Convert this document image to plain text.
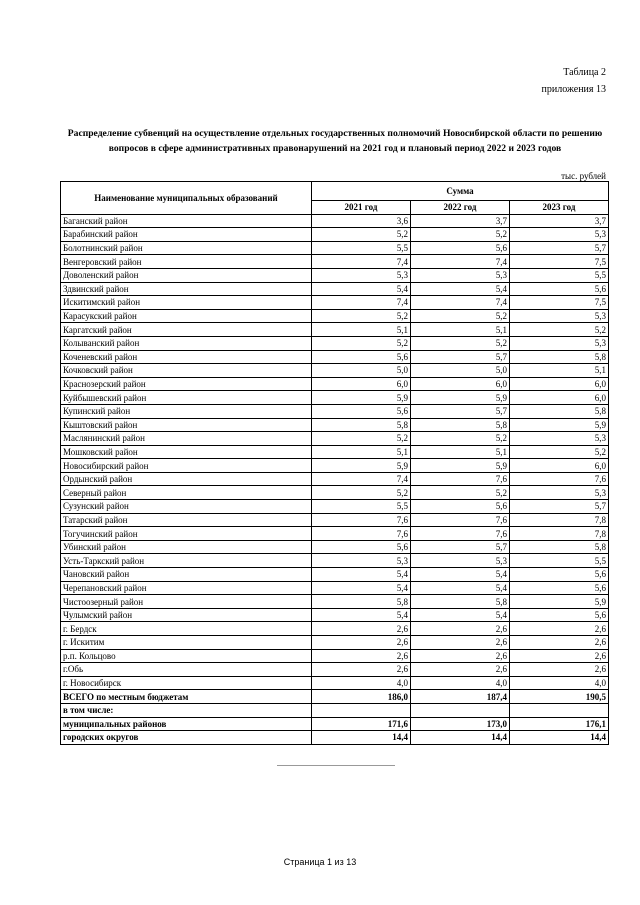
Таблица 2
приложения 13
Распределение субвенций на осуществление отдельных государственных полномочий Новосибирской области по решению вопросов в сфере административных правонарушений на 2021 год и плановый период 2022 и 2023 годов
тыс. рублей
Наименование муниципальных образований	Сумма		
	2021 год	2022 год	2023 год
Баганский район	3,6	3,7	3,7
Барабинский район	5,2	5,2	5,3
Болотнинский район	5,5	5,6	5,7
Венгеровский район	7,4	7,4	7,5
Доволенский район	5,3	5,3	5,5
Здвинский район	5,4	5,4	5,6
Искитимский район	7,4	7,4	7,5
Карасукский район	5,2	5,2	5,3
Каргатский район	5,1	5,1	5,2
Колыванский район	5,2	5,2	5,3
Коченевский район	5,6	5,7	5,8
Кочковский район	5,0	5,0	5,1
Краснозерский район	6,0	6,0	6,0
Куйбышевский район	5,9	5,9	6,0
Купинский район	5,6	5,7	5,8
Кыштовский район	5,8	5,8	5,9
Маслянинский район	5,2	5,2	5,3
Мошковский район	5,1	5,1	5,2
Новосибирский район	5,9	5,9	6,0
Ордынский район	7,4	7,6	7,6
Северный район	5,2	5,2	5,3
Сузунский район	5,5	5,6	5,7
Татарский район	7,6	7,6	7,8
Тогучинский район	7,6	7,6	7,8
Убинский район	5,6	5,7	5,8
Усть-Таркский район	5,3	5,3	5,5
Чановский район	5,4	5,4	5,6
Черепановский район	5,4	5,4	5,6
Чистоозерный район	5,8	5,8	5,9
Чулымский район	5,4	5,4	5,6
г. Бердск	2,6	2,6	2,6
г. Искитим	2,6	2,6	2,6
р.п. Кольцово	2,6	2,6	2,6
г.Обь	2,6	2,6	2,6
г. Новосибирск	4,0	4,0	4,0
ВСЕГО по местным бюджетам	186,0	187,4	190,5
в том числе:			
муниципальных районов	171,6	173,0	176,1
городских округов	14,4	14,4	14,4
Страница 1 из 13
